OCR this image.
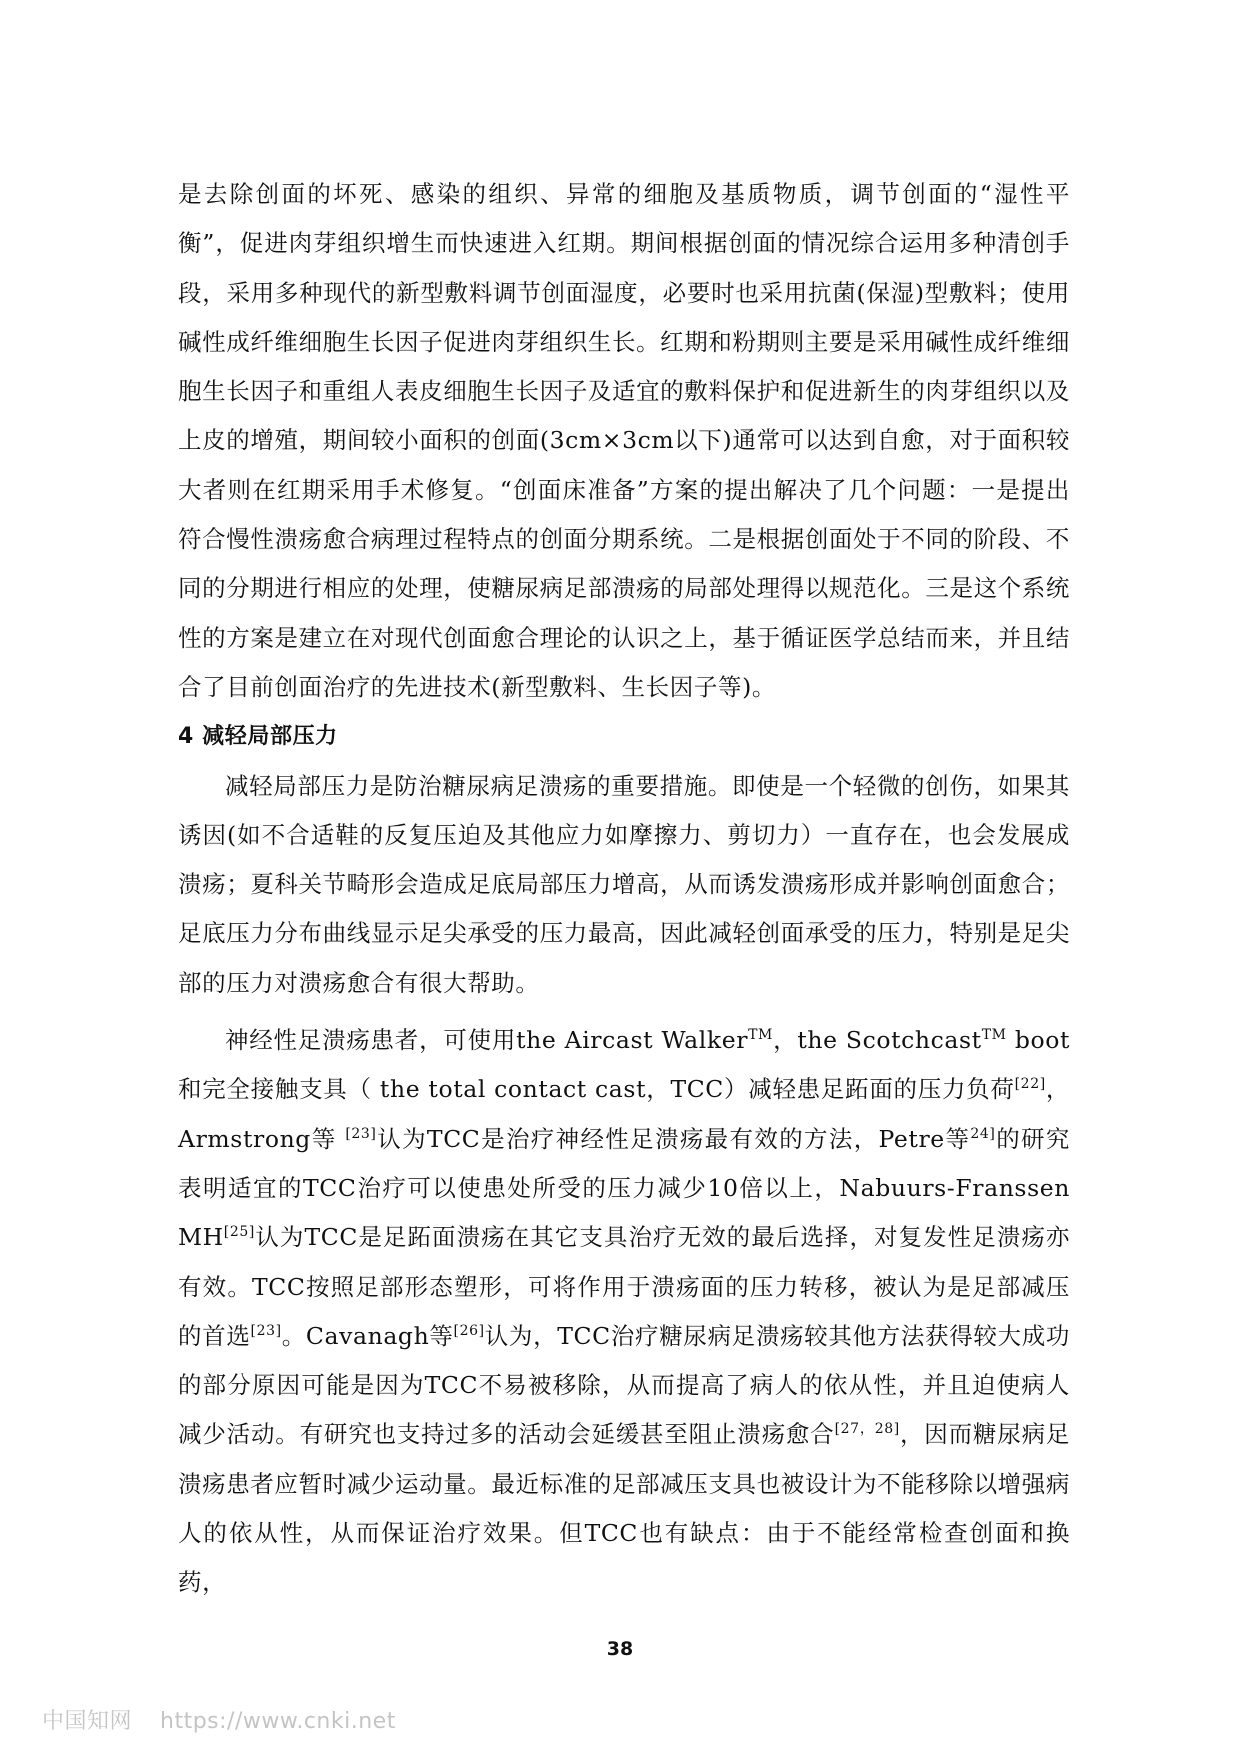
是去除创面的坏死、感染的组织、异常的细胞及基质物质，调节创面的“湿性平衡”，促进肉芽组织增生而快速进入红期。期间根据创面的情况综合运用多种清创手段，采用多种现代的新型敷料调节创面湿度，必要时也采用抗菌(保湿)型敷料；使用碱性成纤维细胞生长因子促进肉芽组织生长。红期和粉期则主要是采用碱性成纤维细胞生长因子和重组人表皮细胞生长因子及适宜的敷料保护和促进新生的肉芽组织以及上皮的增殖，期间较小面积的创面(3cm×3cm以下)通常可以达到自愈，对于面积较大者则在红期采用手术修复。“创面床准备”方案的提出解决了几个问题：一是提出符合慢性溃疡愈合病理过程特点的创面分期系统。二是根据创面处于不同的阶段、不同的分期进行相应的处理，使糖尿病足部溃疡的局部处理得以规范化。三是这个系统性的方案是建立在对现代创面愈合理论的认识之上，基于循证医学总结而来，并且结合了目前创面治疗的先进技术(新型敷料、生长因子等)。

4 减轻局部压力

减轻局部压力是防治糖尿病足溃疡的重要措施。即使是一个轻微的创伤，如果其诱因(如不合适鞋的反复压迫及其他应力如摩擦力、剪切力）一直存在，也会发展成溃疡；夏科关节畸形会造成足底局部压力增高，从而诱发溃疡形成并影响创面愈合；足底压力分布曲线显示足尖承受的压力最高，因此减轻创面承受的压力，特别是足尖部的压力对溃疡愈合有很大帮助。

神经性足溃疡患者，可使用the Aircast Walker™，the Scotchcast™ boot 和完全接触支具（ the total contact cast，TCC）减轻患足跖面的压力负荷[22]，Armstrong等 [23]认为TCC是治疗神经性足溃疡最有效的方法，Petre等$^{24]}$的研究表明适宜的TCC治疗可以使患处所受的压力减少10倍以上，Nabuurs-Franssen MH[25]认为TCC是足跖面溃疡在其它支具治疗无效的最后选择，对复发性足溃疡亦有效。TCC按照足部形态塑形，可将作用于溃疡面的压力转移，被认为是足部减压的首选[23]。Cavanagh等[26]认为，TCC治疗糖尿病足溃疡较其他方法获得较大成功的部分原因可能是因为TCC不易被移除，从而提高了病人的依从性，并且迫使病人减少活动。有研究也支持过多的活动会延缓甚至阻止溃疡愈合[27，28]，因而糖尿病足溃疡患者应暂时减少运动量。最近标准的足部减压支具也被设计为不能移除以增强病人的依从性，从而保证治疗效果。但TCC也有缺点：由于不能经常检查创面和换药，

38
中国知网 https://www.cnki.net
